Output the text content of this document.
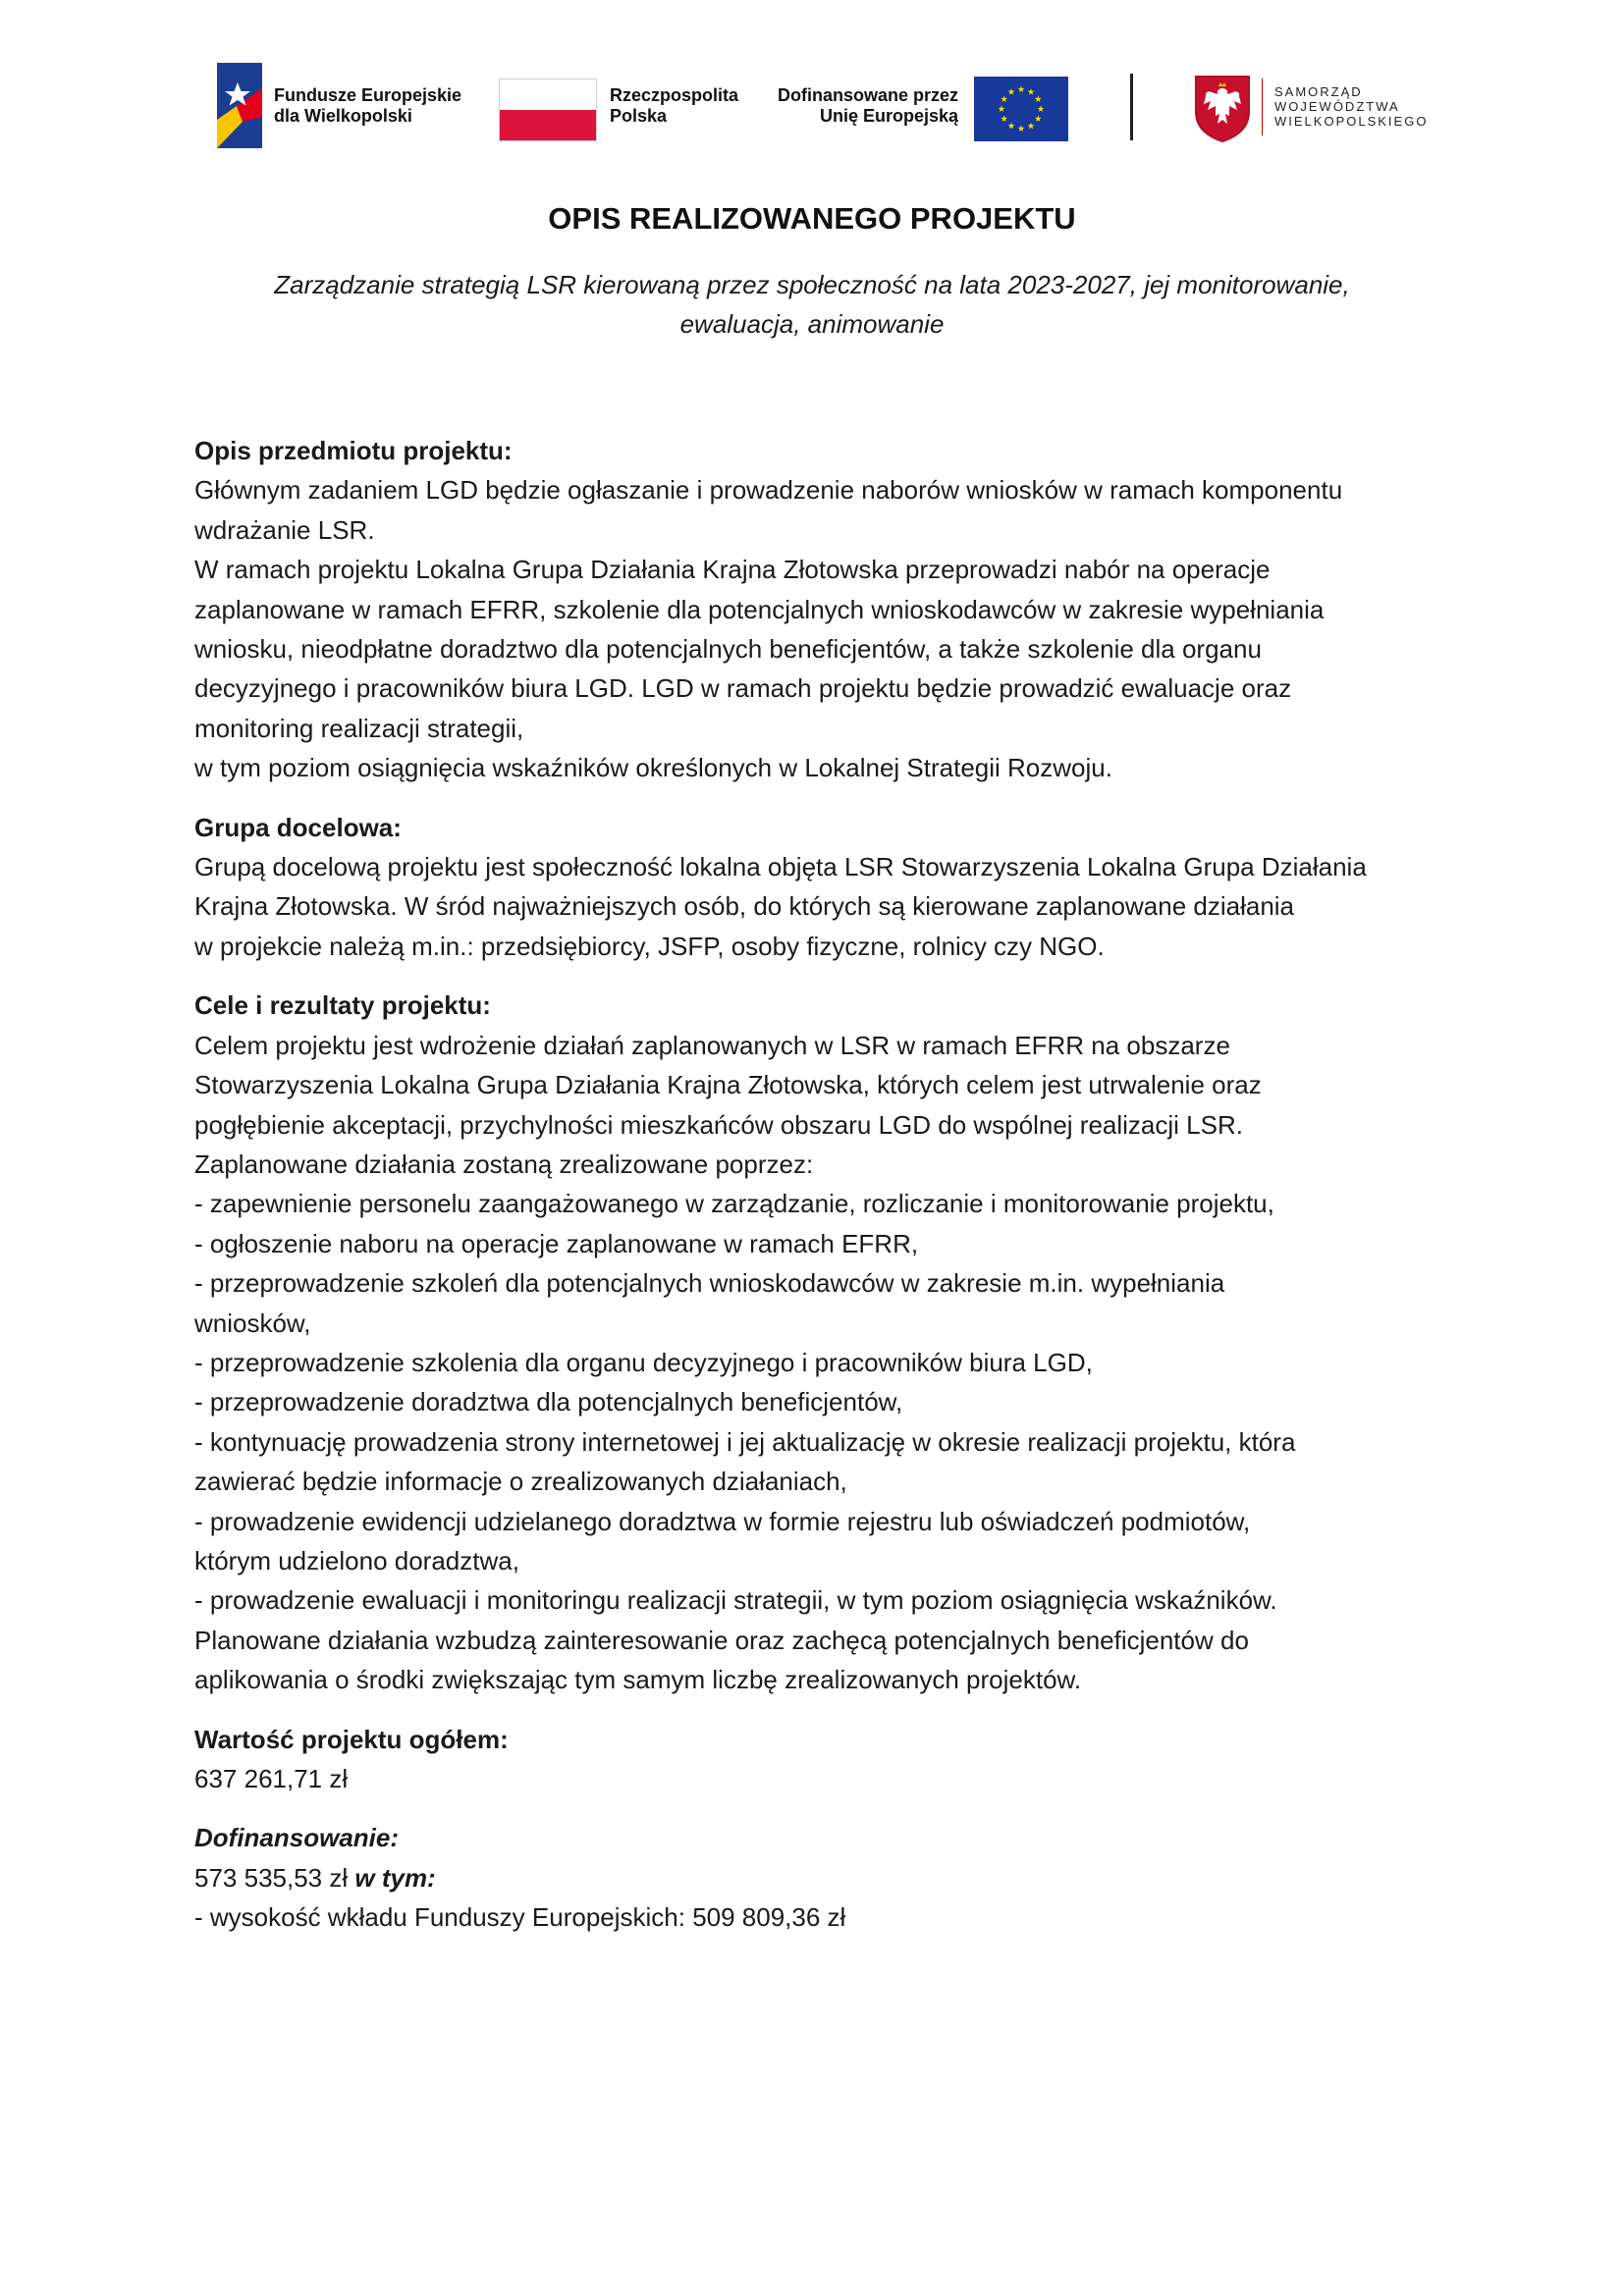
Fundusze Europejskie
dla Wielkopolski
Rzeczpospolita
Polska
Dofinansowane przez
Unię Europejską
SAMORZĄD
WOJEWÓDZTWA
WIELKOPOLSKIEGO
OPIS REALIZOWANEGO PROJEKTU
Zarządzanie strategią LSR kierowaną przez społeczność na lata 2023-2027, jej monitorowanie,
ewaluacja, animowanie

Opis przedmiotu projektu:

Głównym zadaniem LGD będzie ogłaszanie i prowadzenie naborów wniosków w ramach komponentu
wdrażanie LSR.
W ramach projektu Lokalna Grupa Działania Krajna Złotowska przeprowadzi nabór na operacje
zaplanowane w ramach EFRR, szkolenie dla potencjalnych wnioskodawców w zakresie wypełniania
wniosku, nieodpłatne doradztwo dla potencjalnych beneficjentów, a także szkolenie dla organu
decyzyjnego i pracowników biura LGD. LGD w ramach projektu będzie prowadzić ewaluacje oraz
monitoring realizacji strategii,
w tym poziom osiągnięcia wskaźników określonych w Lokalnej Strategii Rozwoju.

Grupa docelowa:

Grupą docelową projektu jest społeczność lokalna objęta LSR Stowarzyszenia Lokalna Grupa Działania
Krajna Złotowska. W śród najważniejszych osób, do których są kierowane zaplanowane działania
w projekcie należą m.in.: przedsiębiorcy, JSFP, osoby fizyczne, rolnicy czy NGO.

Cele i rezultaty projektu:

Celem projektu jest wdrożenie działań zaplanowanych w LSR w ramach EFRR na obszarze
Stowarzyszenia Lokalna Grupa Działania Krajna Złotowska, których celem jest utrwalenie oraz
pogłębienie akceptacji, przychylności mieszkańców obszaru LGD do wspólnej realizacji LSR.
Zaplanowane działania zostaną zrealizowane poprzez:
- zapewnienie personelu zaangażowanego w zarządzanie, rozliczanie i monitorowanie projektu,
- ogłoszenie naboru na operacje zaplanowane w ramach EFRR,
- przeprowadzenie szkoleń dla potencjalnych wnioskodawców w zakresie m.in. wypełniania
wniosków,
- przeprowadzenie szkolenia dla organu decyzyjnego i pracowników biura LGD,
- przeprowadzenie doradztwa dla potencjalnych beneficjentów,
- kontynuację prowadzenia strony internetowej i jej aktualizację w okresie realizacji projektu, która
zawierać będzie informacje o zrealizowanych działaniach,
- prowadzenie ewidencji udzielanego doradztwa w formie rejestru lub oświadczeń podmiotów,
którym udzielono doradztwa,
- prowadzenie ewaluacji i monitoringu realizacji strategii, w tym poziom osiągnięcia wskaźników.
Planowane działania wzbudzą zainteresowanie oraz zachęcą potencjalnych beneficjentów do
aplikowania o środki zwiększając tym samym liczbę zrealizowanych projektów.

Wartość projektu ogółem:

637 261,71 zł

Dofinansowanie:

573 535,53 zł w tym:
- wysokość wkładu Funduszy Europejskich: 509 809,36 zł
